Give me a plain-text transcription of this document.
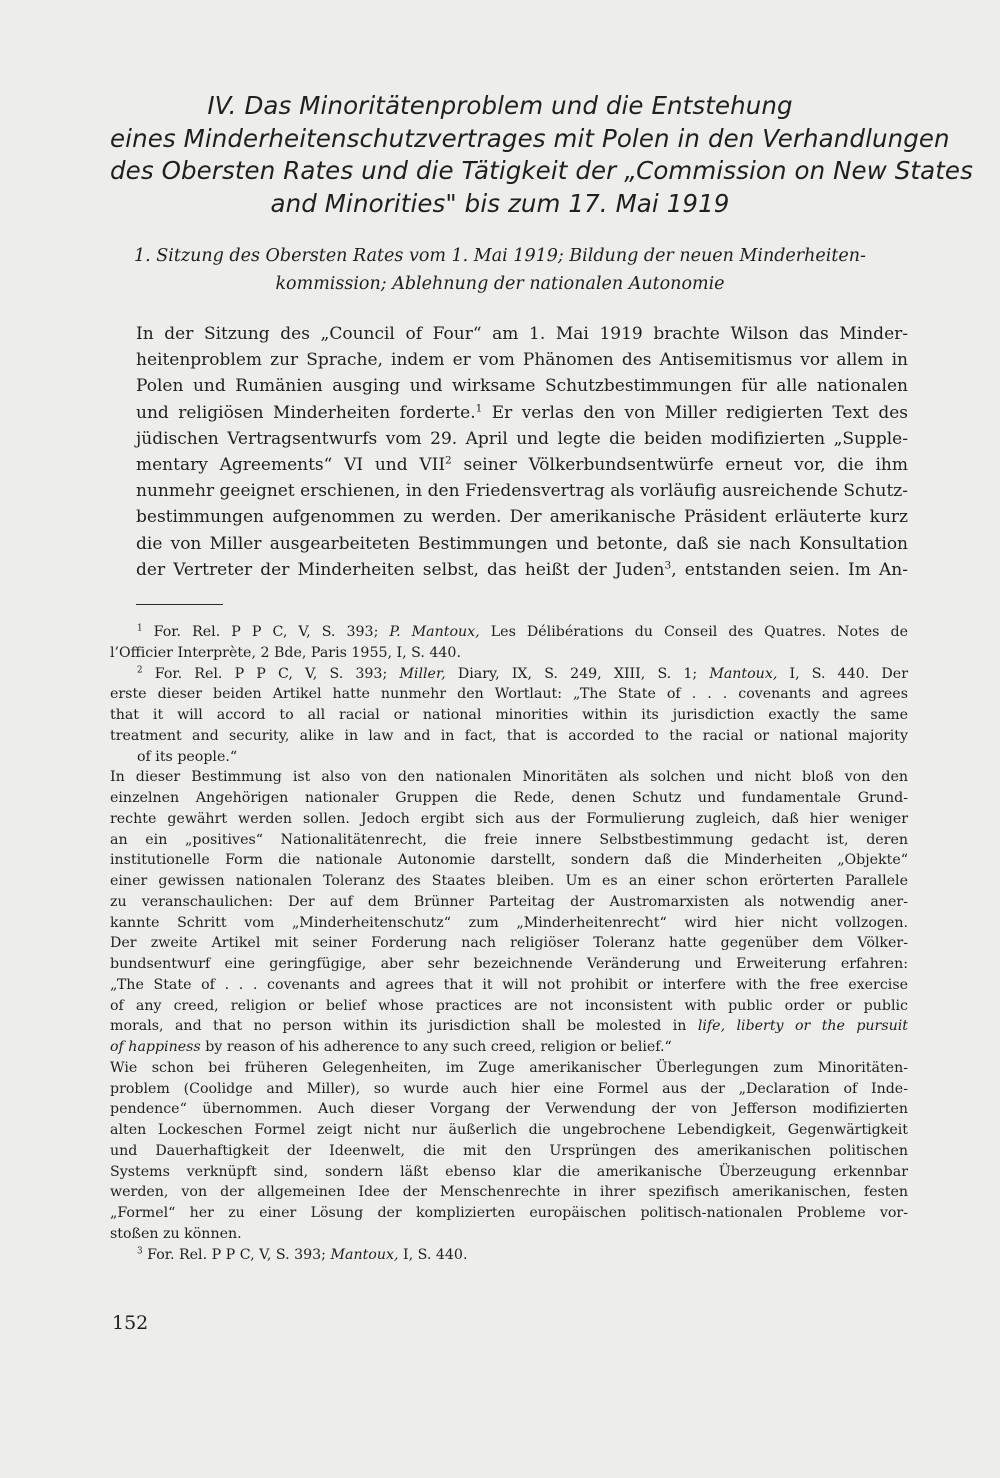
IV. Das Minoritätenproblem und die Entstehung
eines Minderheitenschutzvertrages mit Polen in den Verhandlungen
des Obersten Rates und die Tätigkeit der „Commission on New States
and Minorities" bis zum 17. Mai 1919
1. Sitzung des Obersten Rates vom 1. Mai 1919; Bildung der neuen Minderheiten-
kommission; Ablehnung der nationalen Autonomie
In der Sitzung des „Council of Four“ am 1. Mai 1919 brachte Wilson das Minder-
heitenproblem zur Sprache, indem er vom Phänomen des Antisemitismus vor allem in
Polen und Rumänien ausging und wirksame Schutzbestimmungen für alle nationalen
und religiösen Minderheiten forderte.$^1$ Er verlas den von Miller redigierten Text des
jüdischen Vertragsentwurfs vom 29. April und legte die beiden modifizierten „Supple-
mentary Agreements“ VI und VII$^2$ seiner Völkerbundsentwürfe erneut vor, die ihm
nunmehr geeignet erschienen, in den Friedensvertrag als vorläufig ausreichende Schutz-
bestimmungen aufgenommen zu werden. Der amerikanische Präsident erläuterte kurz
die von Miller ausgearbeiteten Bestimmungen und betonte, daß sie nach Konsultation
der Vertreter der Minderheiten selbst, das heißt der Juden$^3$, entstanden seien. Im An-
$^1$ For. Rel. P P C, V, S. 393; P. Mantoux, Les Délibérations du Conseil des Quatres. Notes de
l’Officier Interprète, 2 Bde, Paris 1955, I, S. 440.
$^2$ For. Rel. P P C, V, S. 393; Miller, Diary, IX, S. 249, XIII, S. 1; Mantoux, I, S. 440. Der
erste dieser beiden Artikel hatte nunmehr den Wortlaut: „The State of . . . covenants and agrees
that it will accord to all racial or national minorities within its jurisdiction exactly the same
treatment and security, alike in law and in fact, that is accorded to the racial or national majority
of its people.“
In dieser Bestimmung ist also von den nationalen Minoritäten als solchen und nicht bloß von den
einzelnen Angehörigen nationaler Gruppen die Rede, denen Schutz und fundamentale Grund-
rechte gewährt werden sollen. Jedoch ergibt sich aus der Formulierung zugleich, daß hier weniger
an ein „positives“ Nationalitätenrecht, die freie innere Selbstbestimmung gedacht ist, deren
institutionelle Form die nationale Autonomie darstellt, sondern daß die Minderheiten „Objekte“
einer gewissen nationalen Toleranz des Staates bleiben. Um es an einer schon erörterten Parallele
zu veranschaulichen: Der auf dem Brünner Parteitag der Austromarxisten als notwendig aner-
kannte Schritt vom „Minderheitenschutz“ zum „Minderheitenrecht“ wird hier nicht vollzogen.
Der zweite Artikel mit seiner Forderung nach religiöser Toleranz hatte gegenüber dem Völker-
bundsentwurf eine geringfügige, aber sehr bezeichnende Veränderung und Erweiterung erfahren:
„The State of . . . covenants and agrees that it will not prohibit or interfere with the free exercise
of any creed, religion or belief whose practices are not inconsistent with public order or public
morals, and that no person within its jurisdiction shall be molested in life, liberty or the pursuit
of happiness by reason of his adherence to any such creed, religion or belief.“
Wie schon bei früheren Gelegenheiten, im Zuge amerikanischer Überlegungen zum Minoritäten-
problem (Coolidge and Miller), so wurde auch hier eine Formel aus der „Declaration of Inde-
pendence“ übernommen. Auch dieser Vorgang der Verwendung der von Jefferson modifizierten
alten Lockeschen Formel zeigt nicht nur äußerlich die ungebrochene Lebendigkeit, Gegenwärtigkeit
und Dauerhaftigkeit der Ideenwelt, die mit den Ursprüngen des amerikanischen politischen
Systems verknüpft sind, sondern läßt ebenso klar die amerikanische Überzeugung erkennbar
werden, von der allgemeinen Idee der Menschenrechte in ihrer spezifisch amerikanischen, festen
„Formel“ her zu einer Lösung der komplizierten europäischen politisch-nationalen Probleme vor-
stoßen zu können.
$^3$ For. Rel. P P C, V, S. 393; Mantoux, I, S. 440.
152
